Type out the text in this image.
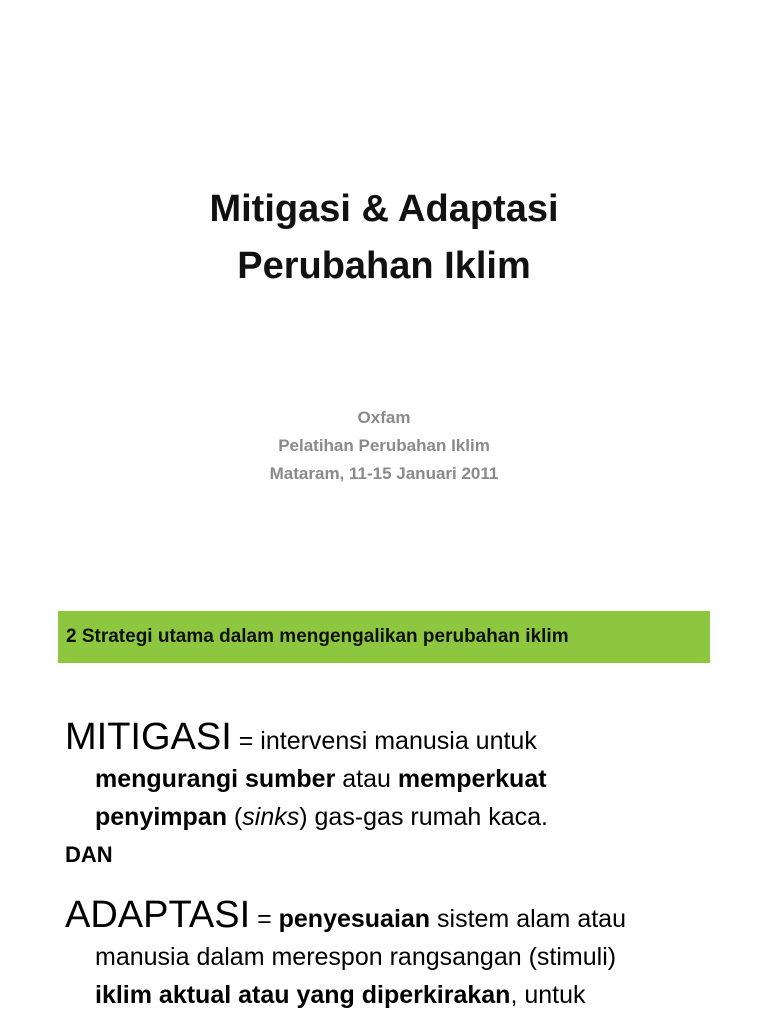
Mitigasi & Adaptasi
Perubahan Iklim
Oxfam
Pelatihan Perubahan Iklim
Mataram, 11-15 Januari 2011
2 Strategi utama dalam mengengalikan perubahan iklim
MITIGASI = intervensi manusia untuk
mengurangi sumber atau memperkuat
penyimpan (sinks) gas-gas rumah kaca.
DAN
ADAPTASI = penyesuaian sistem alam atau
manusia dalam merespon rangsangan (stimuli)
iklim aktual atau yang diperkirakan, untuk
